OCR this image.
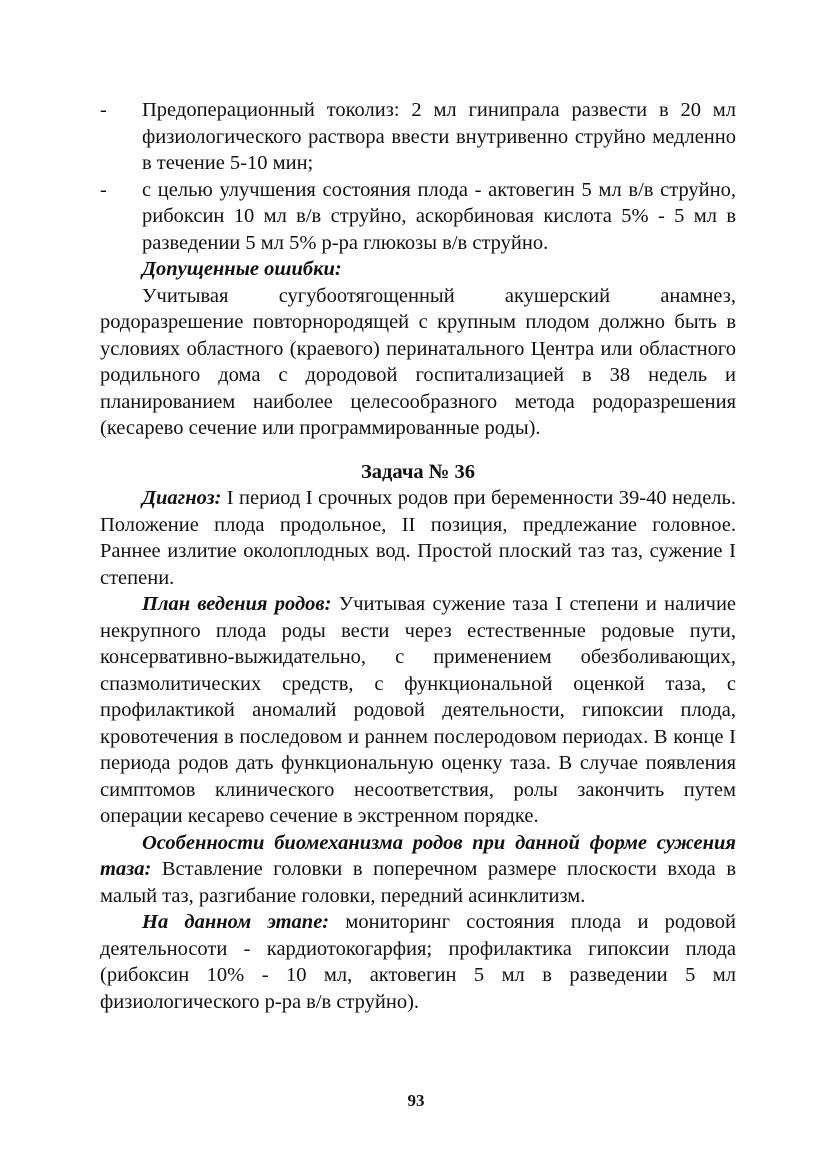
- Предоперационный токолиз: 2 мл гинипрала развести в 20 мл физиологического раствора ввести внутривенно струйно медленно в течение 5-10 мин;
- с целью улучшения состояния плода - актовегин 5 мл в/в струйно, рибоксин 10 мл в/в струйно, аскорбиновая кислота 5% - 5 мл в разведении 5 мл 5% р-ра глюкозы в/в струйно.
Допущенные ошибки:
Учитывая сугубоотягощенный акушерский анамнез, родоразрешение повторнородящей с крупным плодом должно быть в условиях областного (краевого) перинатального Центра или областного родильного дома с дородовой госпитализацией в 38 недель и планированием наиболее целесообразного метода родоразрешения (кесарево сечение или программированные роды).
Задача № 36
Диагноз: I период I срочных родов при беременности 39-40 недель. Положение плода продольное, II позиция, предлежание головное. Раннее излитие околоплодных вод. Простой плоский таз таз, сужение I степени.
План ведения родов: Учитывая сужение таза I степени и наличие некрупного плода роды вести через естественные родовые пути, консервативно-выжидательно, с применением обезболивающих, спазмолитических средств, с функциональной оценкой таза, с профилактикой аномалий родовой деятельности, гипоксии плода, кровотечения в последовом и раннем послеродовом периодах. В конце I периода родов дать функциональную оценку таза. В случае появления симптомов клинического несоответствия, ролы закончить путем операции кесарево сечение в экстренном порядке.
Особенности биомеханизма родов при данной форме сужения таза: Вставление головки в поперечном размере плоскости входа в малый таз, разгибание головки, передний асинклитизм.
На данном этапе: мониторинг состояния плода и родовой деятельносоти - кардиотокогарфия; профилактика гипоксии плода (рибоксин 10% - 10 мл, актовегин 5 мл в разведении 5 мл физиологического р-ра в/в струйно).
93
